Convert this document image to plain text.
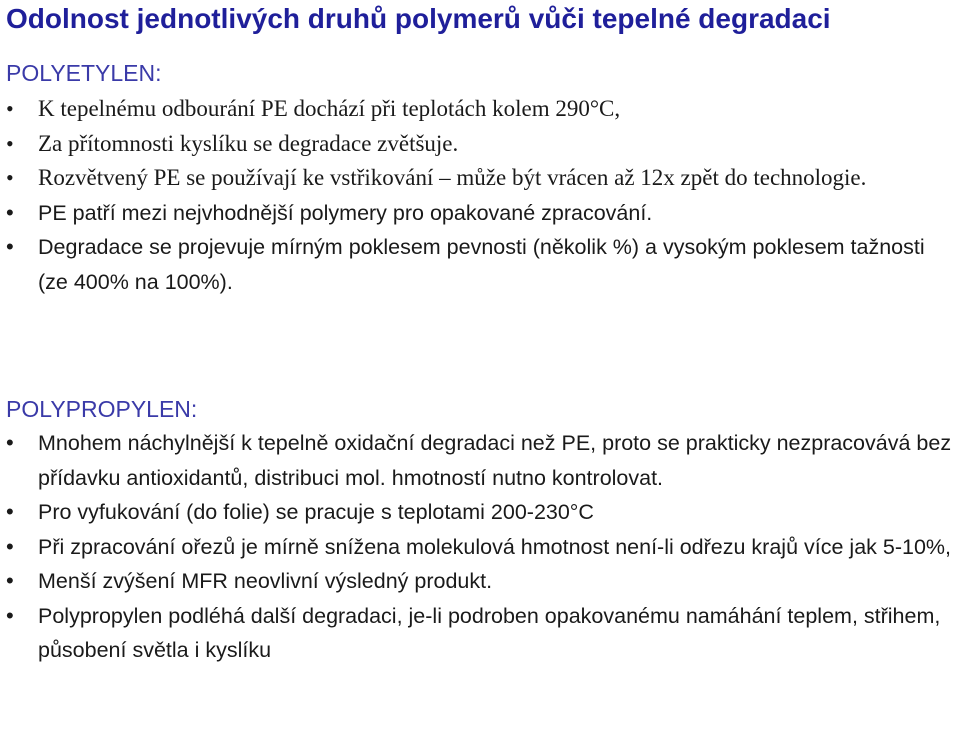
Odolnost jednotlivých druhů polymerů vůči tepelné degradaci
POLYETYLEN:
• K tepelnému odbourání PE dochází při teplotách kolem 290°C,
• Za přítomnosti kyslíku se degradace zvětšuje.
• Rozvětvený PE se používají ke vstřikování – může být vrácen až 12x zpět do technologie.
• PE patří mezi nejvhodnější polymery pro opakované zpracování.
• Degradace se projevuje mírným poklesem pevnosti (několik %) a vysokým poklesem tažnosti (ze 400% na 100%).
POLYPROPYLEN:
• Mnohem náchylnější k tepelně oxidační degradaci než PE, proto se prakticky nezpracovává bez přídavku antioxidantů, distribuci mol. hmotností nutno kontrolovat.
• Pro vyfukování (do folie) se pracuje s teplotami 200-230°C
• Při zpracování ořezů je mírně snížena molekulová hmotnost není-li odřezu krajů více jak 5-10%,
• Menší zvýšení MFR neovlivní výsledný produkt.
• Polypropylen podléhá další degradaci, je-li podroben opakovanému namáhání teplem, střihem, působení světla i kyslíku
